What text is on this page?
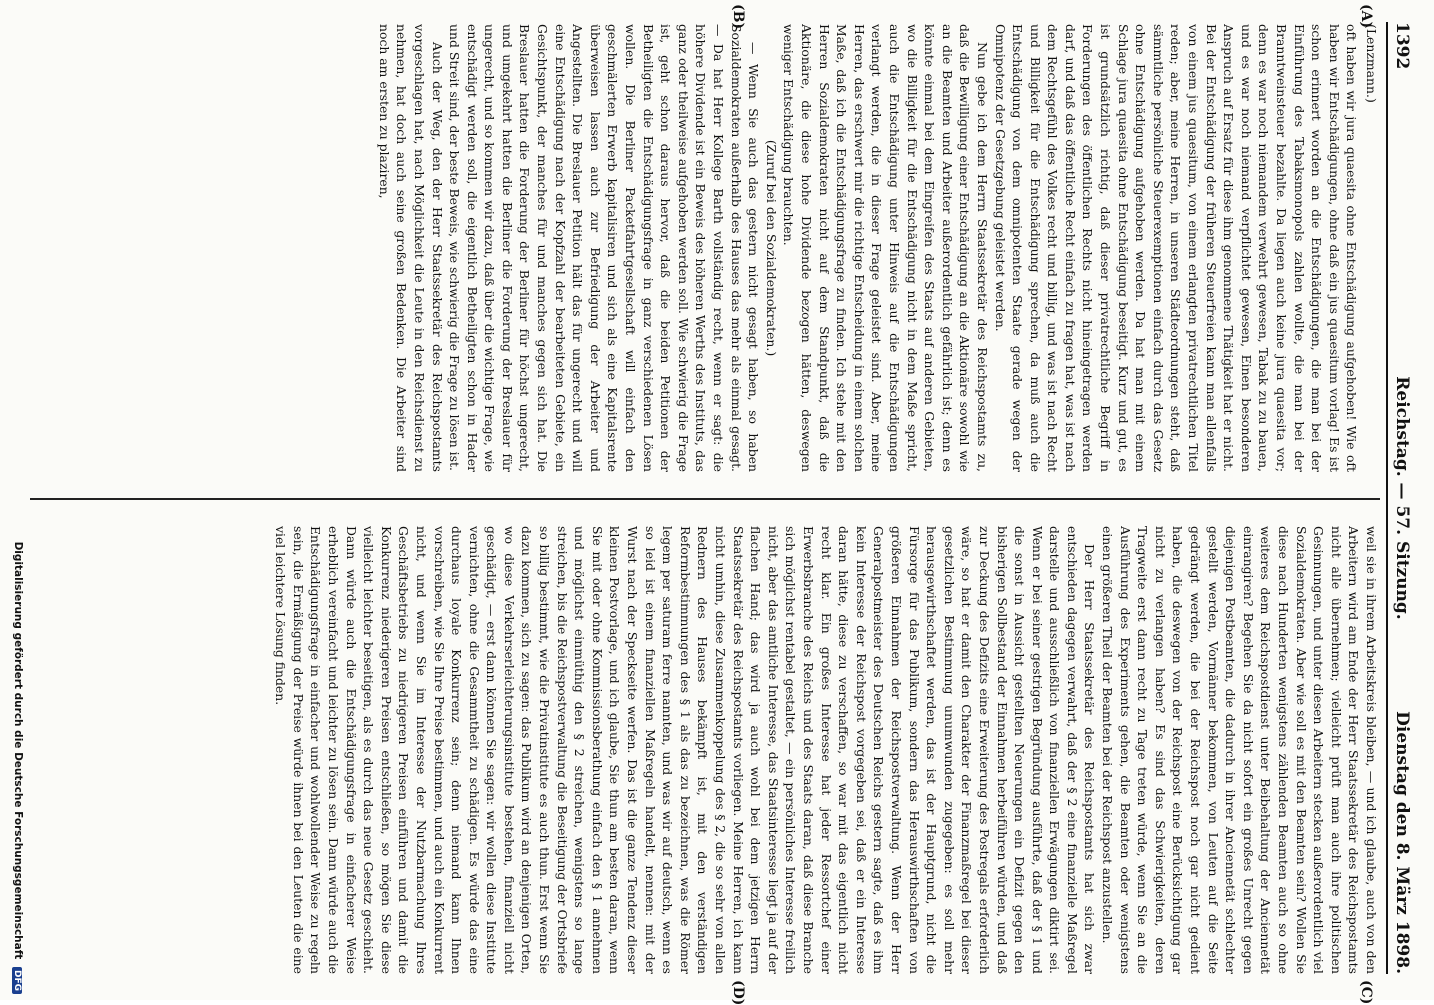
1392
Reichstag. — 57. Sitzung.
Dienstag den 8. März 1898.
(A)
(B)
(C)
(D)

(Lenzmann.)

oft haben wir jura quaesita ohne Entschädigung aufgehoben! Wie oft haben wir Entschädigungen, ohne daß ein jus quaesitum vorlag! Es ist schon erinnert worden an die Entschädigungen, die man bei der Einführung des Tabaksmonopols zahlen wollte, die man bei der Branntweinsteuer bezahlte. Da liegen auch keine jura quaesita vor; denn es war noch niemandem verwehrt gewesen, Tabak zu zu bauen, und es war noch niemand verpflichtet gewesen, Einen besonderen Anspruch auf Ersatz für diese ihm genommene Thätigkeit hat er nicht. Bei der Entschädigung der früheren Steuerfreien kann man allenfalls von einem jus quaesitum, von einem erlangten privatrechtlichen Titel reden; aber, meine Herren, in unseren Städteordnungen steht, daß sämmtliche persönliche Steuerexemptionen einfach durch das Gesetz ohne Entschädigung aufgehoben werden. Da hat man mit einem Schlage jura quaesita ohne Entschädigung beseitigt. Kurz und gut, es ist grundsätzlich richtig, daß dieser privatrechtliche Begriff in Forderungen des öffentlichen Rechts nicht hineingetragen werden darf, und daß das öffentliche Recht einfach zu fragen hat, was ist nach dem Rechtsgefühl des Volkes recht und billig, und was ist nach Recht und Billigkeit für die Entschädigung sprechen, da muß auch die Entschädigung von dem omnipotenten Staate gerade wegen der Omnipotenz der Gesetzgebung geleistet werden.

Nun gebe ich dem Herrn Staatssekretär des Reichspostamts zu, daß die Bewilligung einer Entschädigung an die Aktionäre sowohl wie an die Beamten und Arbeiter außerordentlich gefährlich ist; denn es könnte einmal bei dem Eingreifen des Staats auf anderen Gebieten, wo die Billigkeit für die Entschädigung nicht in dem Maße spricht, auch die Entschädigung unter Hinweis auf die Entschädigungen verlangt werden, die in dieser Frage geleistet sind. Aber, meine Herren, das erschwert mir die richtige Entscheidung in einem solchen Maße, daß ich die Entschädigungsfrage zu finden. Ich stehe mit den Herren Sozialdemokraten nicht auf dem Standpunkt, daß die Aktionäre, die diese hohe Dividende bezogen hätten, deswegen weniger Entschädigung brauchten.

(Zuruf bei den Sozialdemokraten.)

— Wenn Sie auch das gestern nicht gesagt haben, so haben Sozialdemokraten außerhalb des Hauses das mehr als einmal gesagt. — Da hat Herr Kollege Barth vollständig recht, wenn er sagt: die höhere Dividende ist ein Beweis des höheren Werths des Instituts, das ganz oder theilweise aufgehoben werden soll. Wie schwierig die Frage ist, geht schon daraus hervor, daß die beiden Petitionen der Betheiligten die Entschädigungsfrage in ganz verschiedenen Lösen wollen. Die Berliner Packetfahrtgesellschaft will einfach den geschmälerten Erwerb kapitalisiren und sich als eine Kapitalsrente überweisen lassen auch zur Befriedigung der Arbeiter und Angestellten. Die Breslauer Petition hält das für ungerecht und will eine Entschädigung nach der Kopfzahl der bearbeiteten Gebiete, ein Gesichtspunkt, der manches für und manches gegen sich hat. Die Breslauer hatten die Forderung der Berliner für höchst ungerecht, und umgekehrt hatten die Berliner die Forderung der Breslauer für ungerecht, und so kommen wir dazu, daß über die wichtige Frage, wie entschädigt werden soll, die eigentlich Betheiligten schon in Hader und Streit sind, der beste Beweis, wie schwierig die Frage zu lösen ist.

Auch der Weg, den der Herr Staatssekretär des Reichspostamts vorgeschlagen hat, nach Möglichkeit die Leute in den Reichsdienst zu nehmen, hat doch auch seine großen Bedenken. Die Arbeiter sind noch am ersten zu plaziren,

weil sie in ihrem Arbeitskreis bleiben, — und ich glaube, auch von den Arbeitern wird am Ende der Herr Staatssekretär des Reichspostamts nicht alle übernehmen; vielleicht prüft man auch ihre politischen Gesinnungen, und unter diesen Arbeitern stecken außerordentlich viel Sozialdemokraten. Aber wie soll es mit den Beamten sein? Wollen Sie diese nach Hunderten wenigstens zählenden Beamten auch so ohne weiteres dem Reichspostdienst unter Beibehaltung der Anciennetät einrangiren? Begehen Sie da nicht sofort ein großes Unrecht gegen diejenigen Postbeamten, die dadurch in ihrer Anciennetät schlechter gestellt werden, Vormänner bekommen, von Leuten auf die Seite gedrängt werden, die bei der Reichspost noch gar nicht gedient haben, die deswegen von der Reichspost eine Berücksichtigung gar nicht zu verlangen haben? Es sind das Schwierigkeiten, deren Tragweite erst dann recht zu Tage treten würde, wenn Sie an die Ausführung des Experiments gehen, die Beamten oder wenigstens einen größeren Theil der Beamten bei der Reichspost anzustellen.

Der Herr Staatssekretär des Reichspostamts hat sich zwar entschieden dagegen verwahrt, daß der § 2 eine finanzielle Maßregel darstelle und ausschließlich von finanziellen Erwägungen diktirt sei. Wenn er bei seiner gestrigen Begründung ausführte, daß der § 1 und die sonst in Aussicht gestellten Neuerungen ein Defizit gegen den bisherigen Sollbestand der Einnahmen herbeiführen würden, und daß zur Deckung des Defizits eine Erweiterung des Postregals erforderlich wäre, so hat er damit den Charakter der Finanzmaßregel bei dieser gesetzlichen Bestimmung unumwunden zugegeben: es soll mehr herausgewirthschaftet werden, das ist der Hauptgrund, nicht die Fürsorge für das Publikum, sondern das Herauswirthschaften von größeren Einnahmen der Reichspostverwaltung. Wenn der Herr Generalpostmeister des Deutschen Reichs gestern sagte, daß es ihm kein Interesse der Reichspost vorgegeben sei, daß er ein Interesse daran hätte, diese zu verschaffen, so war mit das eigentlich nicht recht klar. Ein großes Interesse hat jeder Ressortchef einer Erwerbsbranche des Reichs und des Staats daran, daß diese Branche sich möglichst rentabel gestaltet, — ein persönliches Interesse freilich nicht, aber das amtliche Interesse, das Staatsinteresse liegt ja auf der flachen Hand; das wird ja auch wohl bei dem jetzigen Herrn Staatssekretär des Reichspostamts vorliegen. Meine Herren, ich kann nicht umhin, diese Zusammenkoppelung des § 2, die so sehr von allen Rednern des Hauses bekämpft ist, mit den verständigen Reformbestimmungen des § 1 als das zu bezeichnen, was die Römer legem per saturam ferre nannten, und was wir auf deutsch, wenn es so leid ist einem finanziellen Maßregeln handelt, nennen: mit der Wurst nach der Speckseite werfen. Das ist die ganze Tendenz dieser kleinen Postvorlage, und ich glaube, Sie thun am besten daran, wenn Sie mit oder ohne Kommissionsberathung einfach den § 1 annehmen und möglichst einmüthig den § 2 streichen, wenigstens so lange streichen, bis die Reichspostverwaltung die Beseitigung der Ortsbriefe so billig bestimmt, wie die Privatinstitute es auch thun. Erst wenn Sie dazu kommen, sich zu sagen: das Publikum wird an denjenigen Orten, wo diese Verkehrserleichterungsinstitute bestehen, finanziell nicht geschädigt, — erst dann können Sie sagen: wir wollen diese Institute vernichten, ohne die Gesammtheit zu schädigen. Es würde das eine durchaus loyale Konkurrenz sein; denn niemand kann Ihnen vorschreiben, wie Sie Ihre Preise bestimmen, und auch ein Konkurrent nicht, und wenn Sie im Interesse der Nutzbarmachung Ihres Geschäftsbetriebs zu niedrigeren Preisen einführen und damit die Konkurrenz niederigeren Preisen entschließen, so mögen Sie diese vielleicht leichter beseitigen, als es durch das neue Gesetz geschieht. Dann würde auch die Entschädigungsfrage in einfacherer Weise erheblich vereinfacht und leichter zu lösen sein. Dann würde auch die Entschädigungsfrage in einfacher und wohlwollender Weise zu regeln sein, die Ermäßigung der Preise würde ihnen bei den Leuten die eine viel leichtere Lösung finden.

Digitalisierung gefördert durch die Deutsche Forschungsgemeinschaft DFG
